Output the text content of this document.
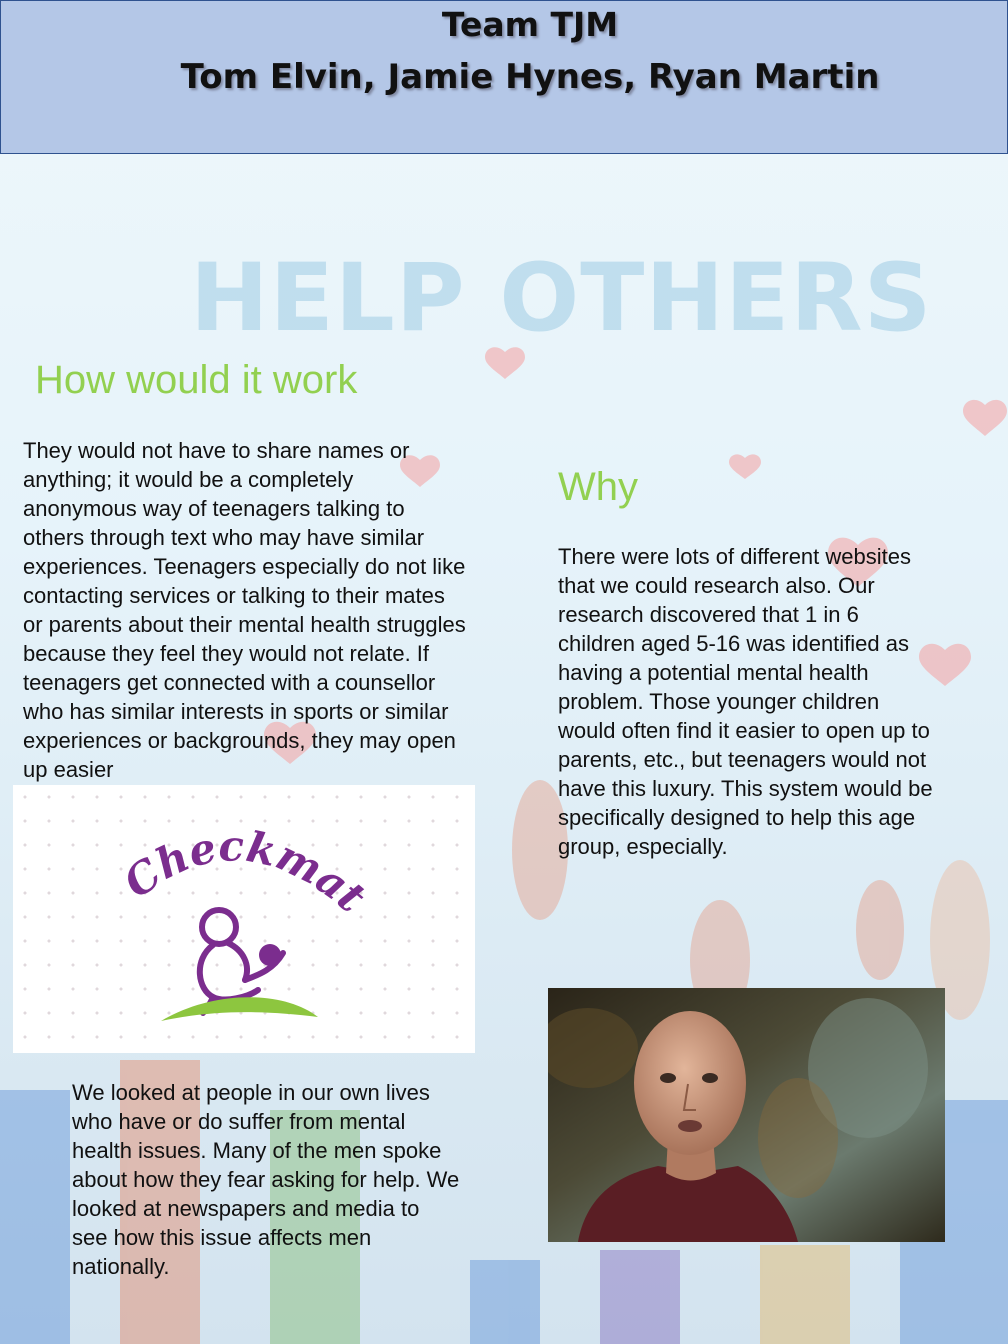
Team TJM
Tom Elvin, Jamie Hynes, Ryan Martin
HELP OTHERS
How would it work
They would not have to share names or
anything; it would be a completely
anonymous way of teenagers talking to
others through text who may have similar
experiences. Teenagers especially do not like
contacting services or talking to their mates
or parents about their mental health struggles
because they feel they would not relate. If
teenagers get connected with a counsellor
who has similar interests in sports or similar
experiences or backgrounds, they may open
up easier
Why
There were lots of different websites
that we could research also. Our
research discovered that 1 in 6
children aged 5-16 was identified as
having a potential mental health
problem. Those younger children
would often find it easier to open up to
parents, etc., but teenagers would not
have this luxury. This system would be
specifically designed to help this age
group, especially.
Checkmat
We looked at people in our own lives
who have or do suffer from mental
health issues. Many of the men spoke
about how they fear asking for help. We
looked at newspapers and media to
see how this issue affects men
nationally.
